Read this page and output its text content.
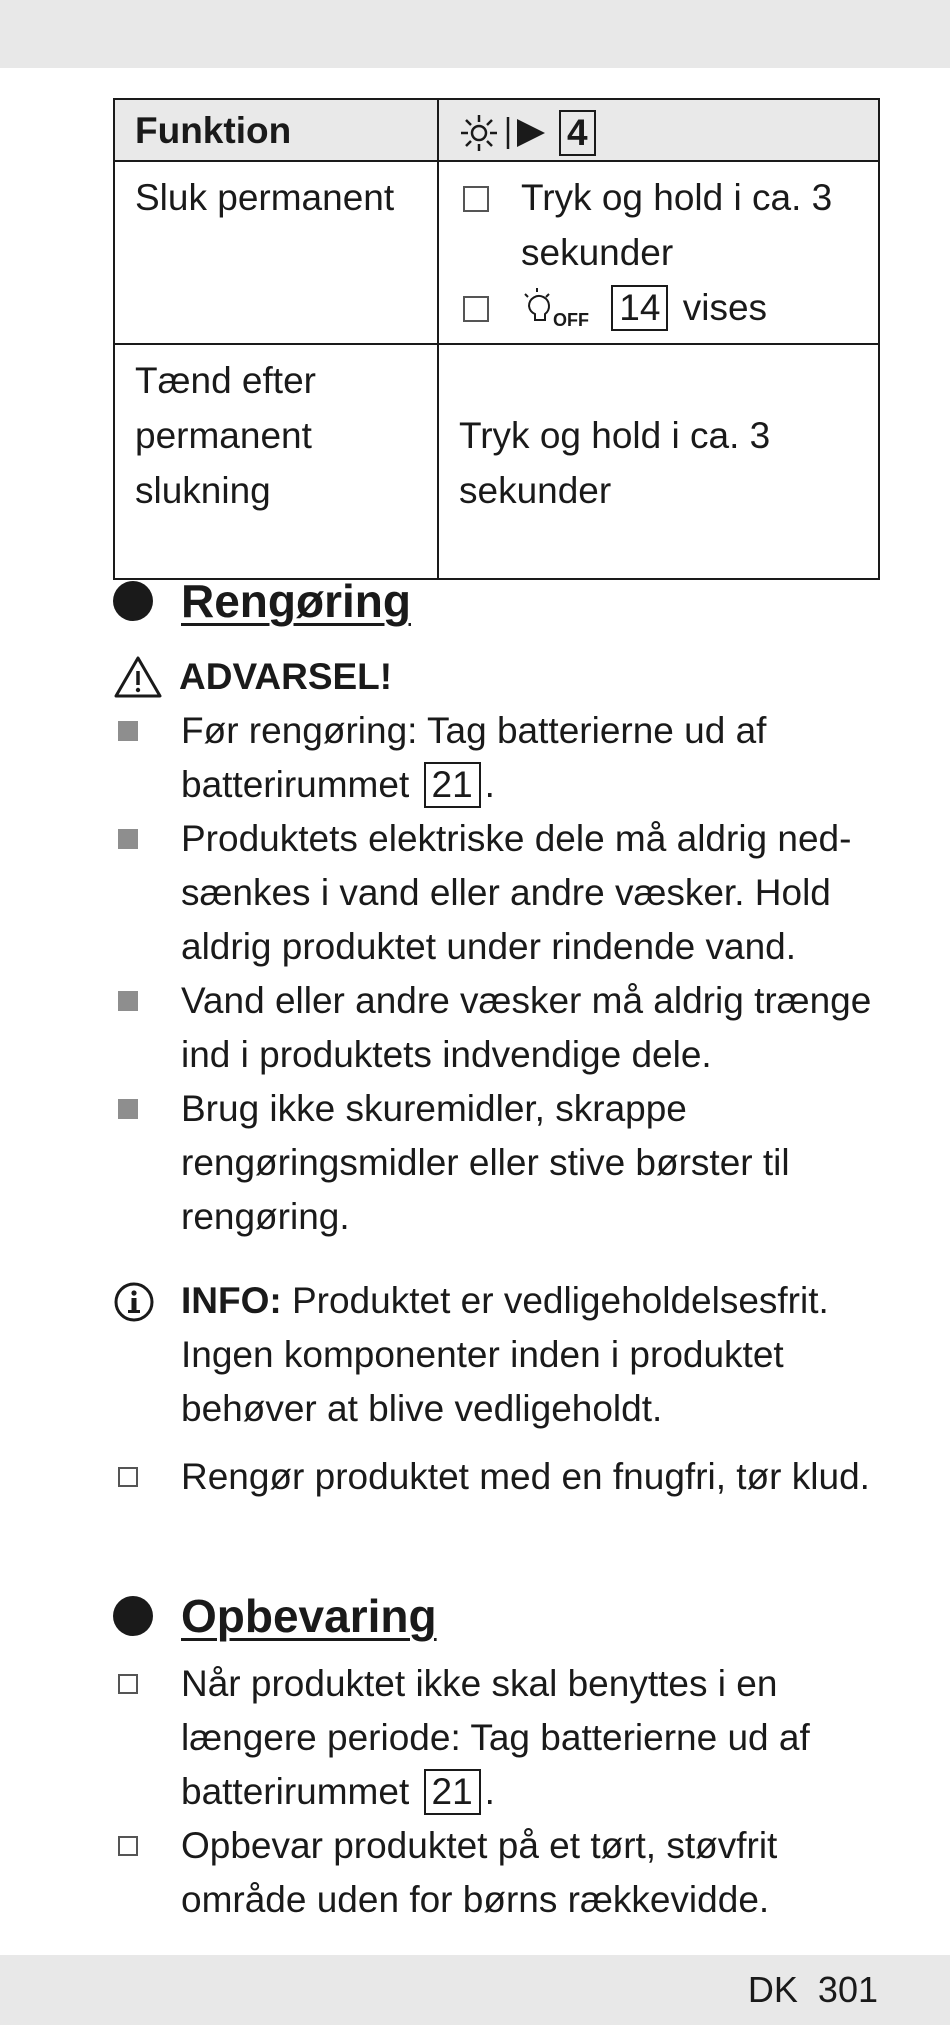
Funktion	4

Sluk permanent	Tryk og hold i ca. 3 sekunder
OFF 14 vises

Tænd efter permanent slukning	Tryk og hold i ca. 3 sekunder
Rengøring
ADVARSEL!
Før rengøring: Tag batterierne ud af batterirummet 21 .
Produktets elektriske dele må aldrig ned-sænkes i vand eller andre væsker. Hold aldrig produktet under rindende vand.
Vand eller andre væsker må aldrig trænge ind i produktets indvendige dele.
Brug ikke skuremidler, skrappe rengøringsmidler eller stive børster til rengøring.
INFO: Produktet er vedligeholdelsesfrit. Ingen komponenter inden i produktet behøver at blive vedligeholdt.
Rengør produktet med en fnugfri, tør klud.
Opbevaring
Når produktet ikke skal benyttes i en længere periode: Tag batterierne ud af batterirummet 21 .
Opbevar produktet på et tørt, støvfrit område uden for børns rækkevidde.
DK  301
